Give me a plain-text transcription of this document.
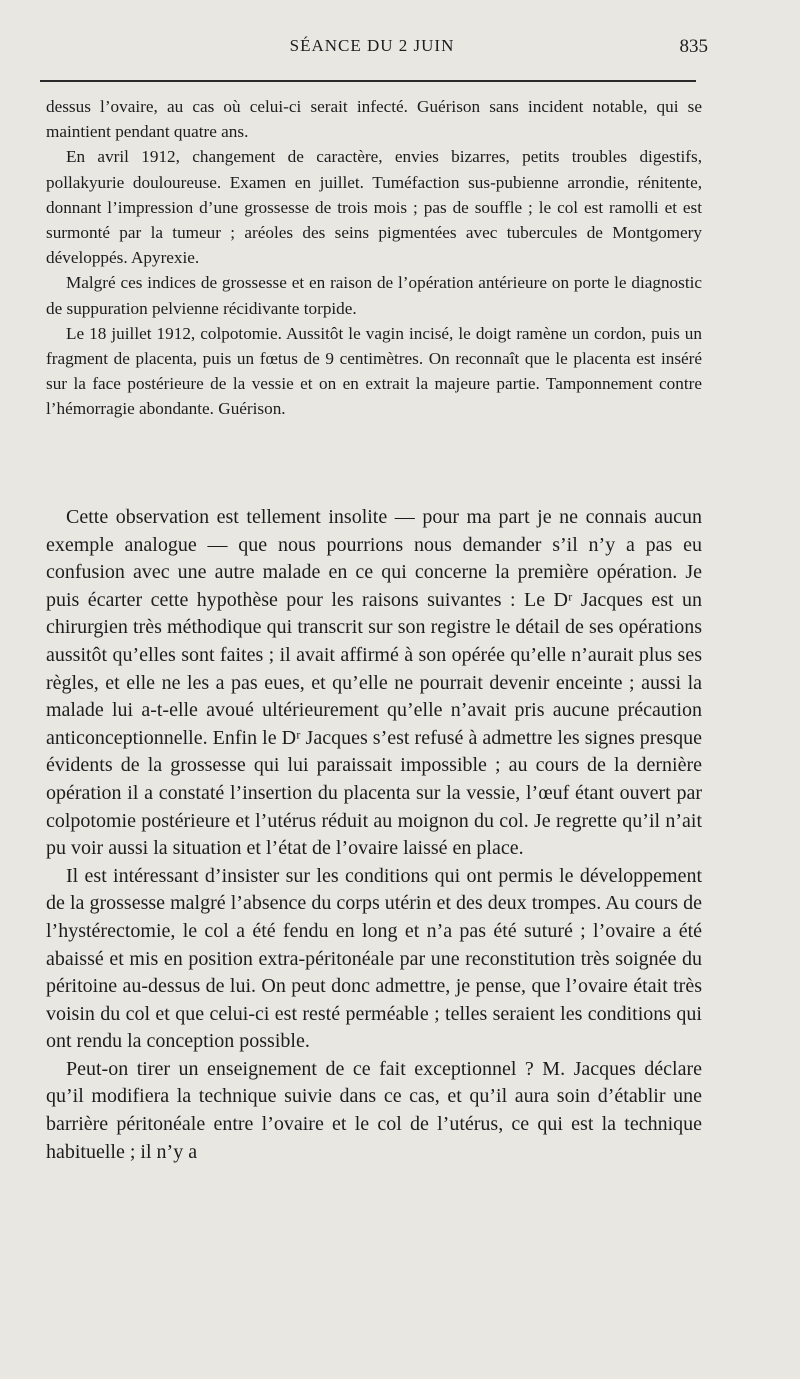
SÉANCE DU 2 JUIN	835

dessus l’ovaire, au cas où celui-ci serait infecté. Guérison sans incident notable, qui se maintient pendant quatre ans.

En avril 1912, changement de caractère, envies bizarres, petits troubles digestifs, pollakyurie douloureuse. Examen en juillet. Tuméfaction sus-pubienne arrondie, rénitente, donnant l’impression d’une grossesse de trois mois ; pas de souffle ; le col est ramolli et est surmonté par la tumeur ; aréoles des seins pigmentées avec tubercules de Montgomery développés. Apyrexie.

Malgré ces indices de grossesse et en raison de l’opération antérieure on porte le diagnostic de suppuration pelvienne récidivante torpide.

Le 18 juillet 1912, colpotomie. Aussitôt le vagin incisé, le doigt ramène un cordon, puis un fragment de placenta, puis un fœtus de 9 centimètres. On reconnaît que le placenta est inséré sur la face postérieure de la vessie et on en extrait la majeure partie. Tamponnement contre l’hémorragie abondante. Guérison.

Cette observation est tellement insolite — pour ma part je ne connais aucun exemple analogue — que nous pourrions nous demander s’il n’y a pas eu confusion avec une autre malade en ce qui concerne la première opération. Je puis écarter cette hypothèse pour les raisons suivantes : Le Dʳ Jacques est un chirurgien très méthodique qui transcrit sur son registre le détail de ses opérations aussitôt qu’elles sont faites ; il avait affirmé à son opérée qu’elle n’aurait plus ses règles, et elle ne les a pas eues, et qu’elle ne pourrait devenir enceinte ; aussi la malade lui a-t-elle avoué ultérieurement qu’elle n’avait pris aucune précaution anticonceptionnelle. Enfin le Dʳ Jacques s’est refusé à admettre les signes presque évidents de la grossesse qui lui paraissait impossible ; au cours de la dernière opération il a constaté l’insertion du placenta sur la vessie, l’œuf étant ouvert par colpotomie postérieure et l’utérus réduit au moignon du col. Je regrette qu’il n’ait pu voir aussi la situation et l’état de l’ovaire laissé en place.

Il est intéressant d’insister sur les conditions qui ont permis le développement de la grossesse malgré l’absence du corps utérin et des deux trompes. Au cours de l’hystérectomie, le col a été fendu en long et n’a pas été suturé ; l’ovaire a été abaissé et mis en position extra-péritonéale par une reconstitution très soignée du péritoine au-dessus de lui. On peut donc admettre, je pense, que l’ovaire était très voisin du col et que celui-ci est resté perméable ; telles seraient les conditions qui ont rendu la conception possible.

Peut-on tirer un enseignement de ce fait exceptionnel ? M. Jacques déclare qu’il modifiera la technique suivie dans ce cas, et qu’il aura soin d’établir une barrière péritonéale entre l’ovaire et le col de l’utérus, ce qui est la technique habituelle ; il n’y a
